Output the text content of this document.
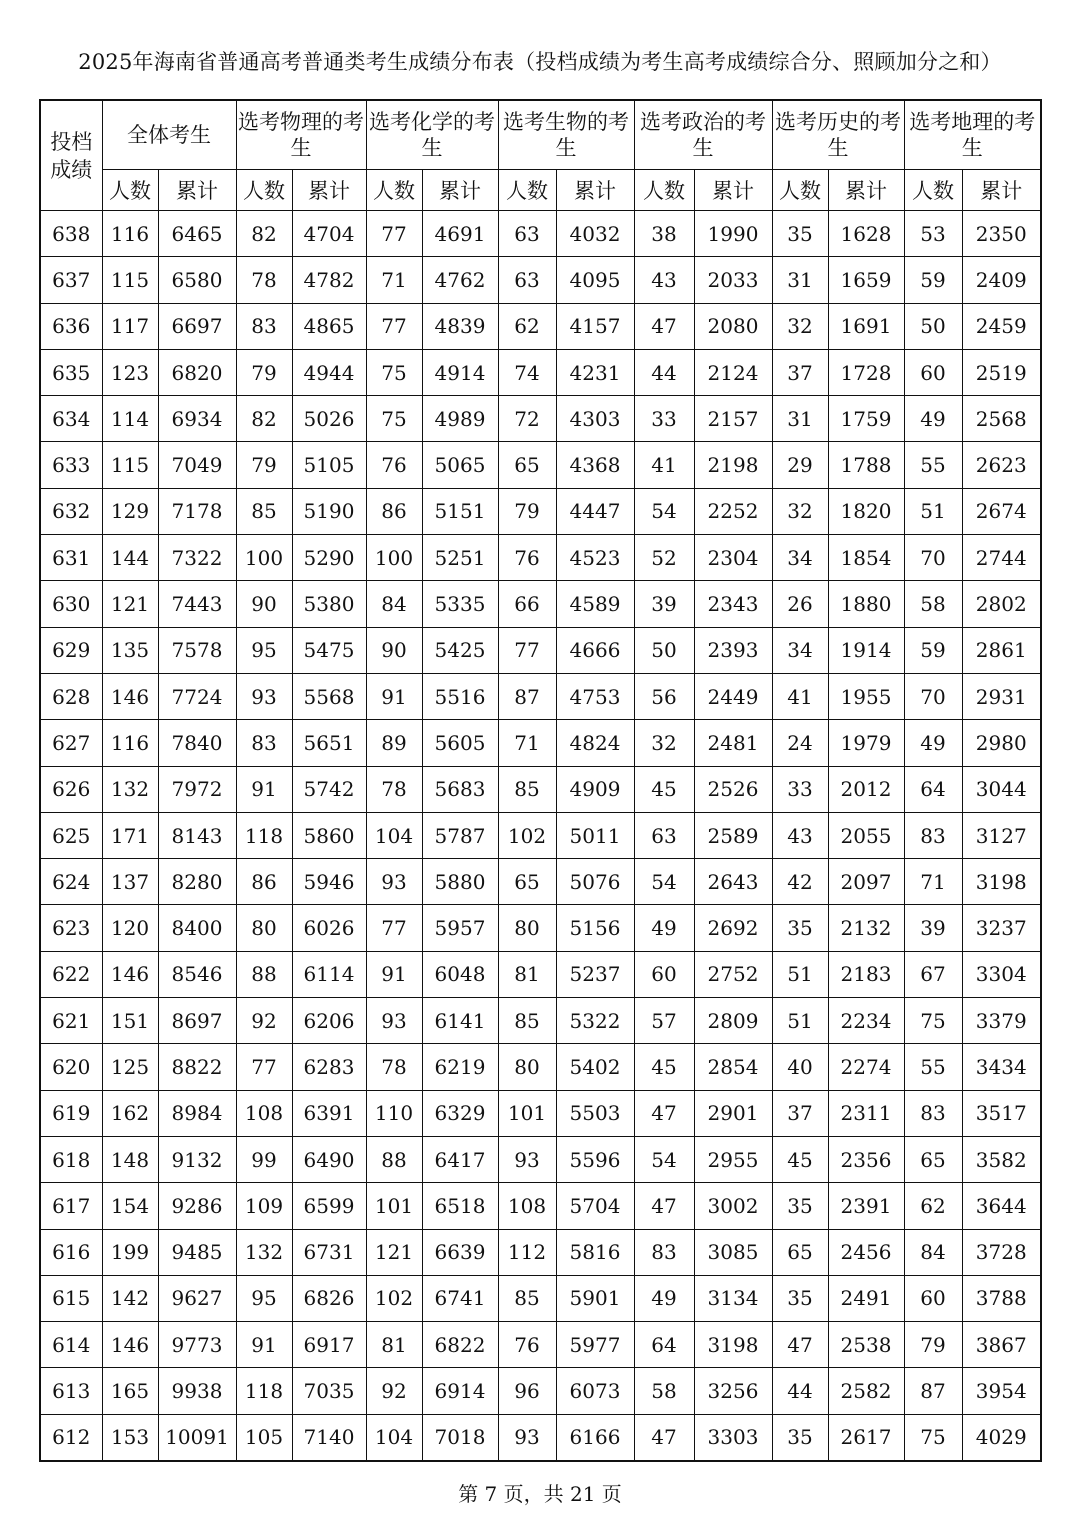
2025年海南省普通高考普通类考生成绩分布表（投档成绩为考生高考成绩综合分、照顾加分之和）
投档成绩	全体考生		选考物理的考生		选考化学的考生		选考生物的考生		选考政治的考生		选考历史的考生		选考地理的考生	
	人数	累计	人数	累计	人数	累计	人数	累计	人数	累计	人数	累计	人数	累计
638	116	6465	82	4704	77	4691	63	4032	38	1990	35	1628	53	2350
637	115	6580	78	4782	71	4762	63	4095	43	2033	31	1659	59	2409
636	117	6697	83	4865	77	4839	62	4157	47	2080	32	1691	50	2459
635	123	6820	79	4944	75	4914	74	4231	44	2124	37	1728	60	2519
634	114	6934	82	5026	75	4989	72	4303	33	2157	31	1759	49	2568
633	115	7049	79	5105	76	5065	65	4368	41	2198	29	1788	55	2623
632	129	7178	85	5190	86	5151	79	4447	54	2252	32	1820	51	2674
631	144	7322	100	5290	100	5251	76	4523	52	2304	34	1854	70	2744
630	121	7443	90	5380	84	5335	66	4589	39	2343	26	1880	58	2802
629	135	7578	95	5475	90	5425	77	4666	50	2393	34	1914	59	2861
628	146	7724	93	5568	91	5516	87	4753	56	2449	41	1955	70	2931
627	116	7840	83	5651	89	5605	71	4824	32	2481	24	1979	49	2980
626	132	7972	91	5742	78	5683	85	4909	45	2526	33	2012	64	3044
625	171	8143	118	5860	104	5787	102	5011	63	2589	43	2055	83	3127
624	137	8280	86	5946	93	5880	65	5076	54	2643	42	2097	71	3198
623	120	8400	80	6026	77	5957	80	5156	49	2692	35	2132	39	3237
622	146	8546	88	6114	91	6048	81	5237	60	2752	51	2183	67	3304
621	151	8697	92	6206	93	6141	85	5322	57	2809	51	2234	75	3379
620	125	8822	77	6283	78	6219	80	5402	45	2854	40	2274	55	3434
619	162	8984	108	6391	110	6329	101	5503	47	2901	37	2311	83	3517
618	148	9132	99	6490	88	6417	93	5596	54	2955	45	2356	65	3582
617	154	9286	109	6599	101	6518	108	5704	47	3002	35	2391	62	3644
616	199	9485	132	6731	121	6639	112	5816	83	3085	65	2456	84	3728
615	142	9627	95	6826	102	6741	85	5901	49	3134	35	2491	60	3788
614	146	9773	91	6917	81	6822	76	5977	64	3198	47	2538	79	3867
613	165	9938	118	7035	92	6914	96	6073	58	3256	44	2582	87	3954
612	153	10091	105	7140	104	7018	93	6166	47	3303	35	2617	75	4029
第 7 页，共 21 页
